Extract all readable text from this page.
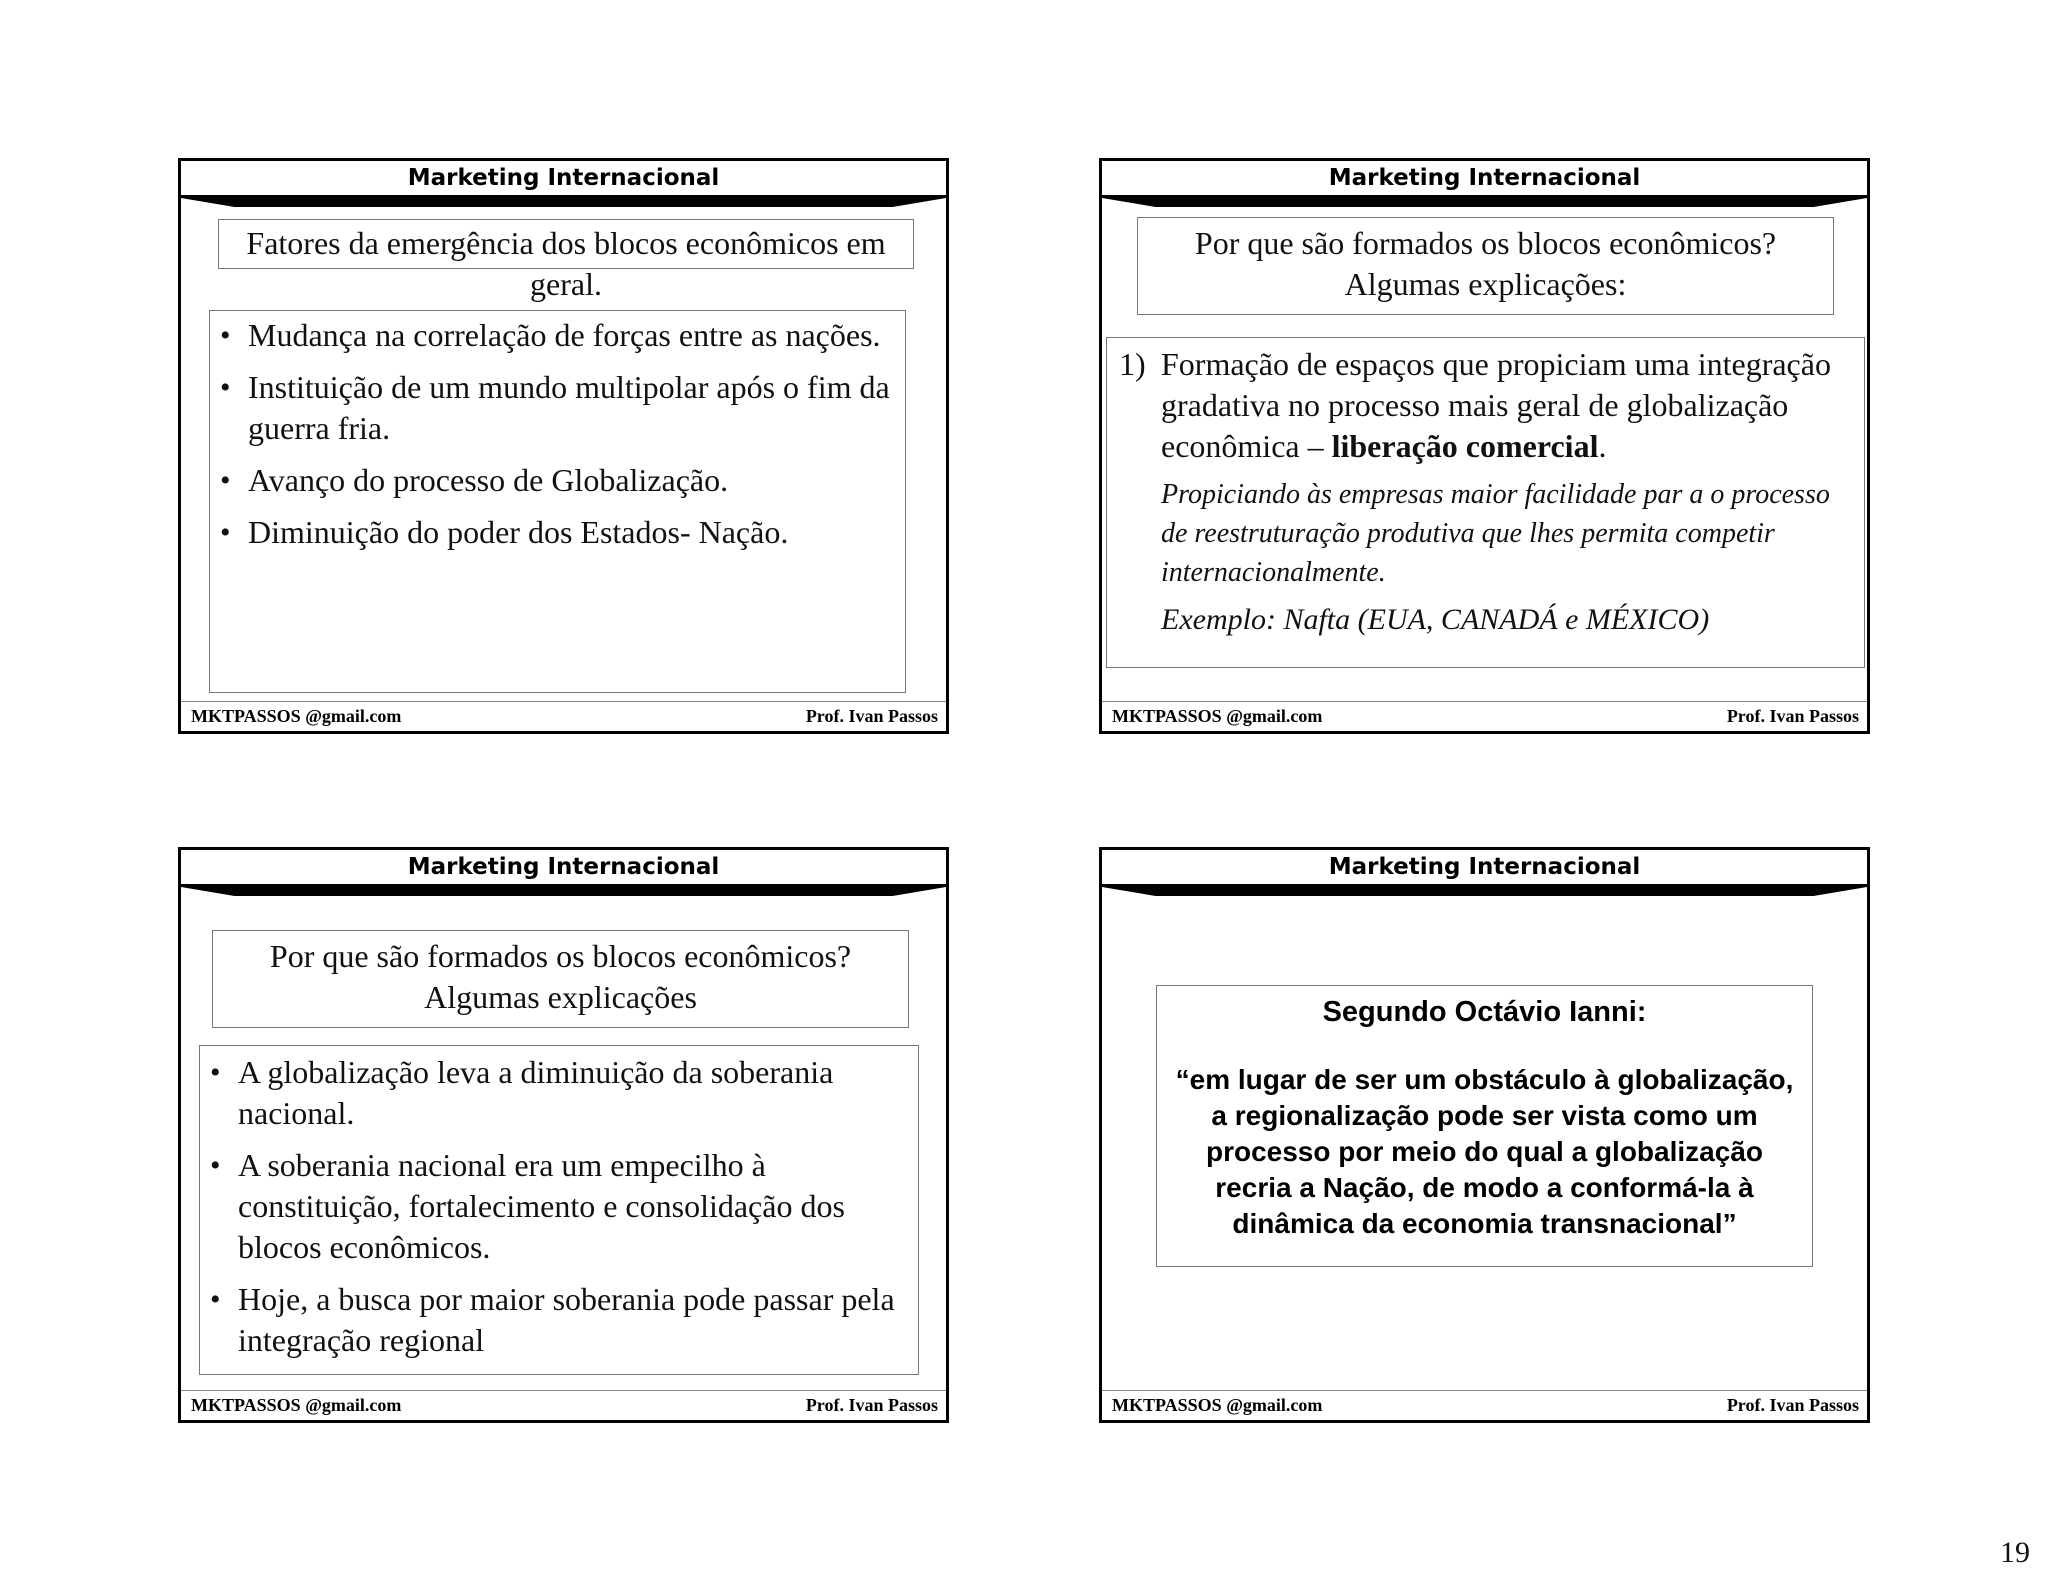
Marketing Internacional
Fatores da emergência dos blocos econômicos em geral.
• Mudança na correlação de forças entre as nações.
• Instituição de um mundo multipolar após o fim da guerra fria.
• Avanço do processo de Globalização.
• Diminuição do poder dos Estados- Nação.
MKTPASSOS @gmail.com	Prof. Ivan Passos
Marketing Internacional
Por que são formados os blocos econômicos?
Algumas explicações:
1) Formação de espaços que propiciam uma integração gradativa no processo mais geral de globalização econômica – liberação comercial.
Propiciando às empresas maior facilidade par a o processo de reestruturação produtiva que lhes permita competir internacionalmente.
Exemplo: Nafta (EUA, CANADÁ e MÉXICO)
MKTPASSOS @gmail.com	Prof. Ivan Passos
Marketing Internacional
Por que são formados os blocos econômicos?
Algumas explicações
• A globalização leva a diminuição da soberania nacional.
• A soberania nacional era um empecilho à constituição, fortalecimento e consolidação dos blocos econômicos.
• Hoje, a busca por maior soberania pode passar pela integração regional
MKTPASSOS @gmail.com	Prof. Ivan Passos
Marketing Internacional
Segundo Octávio Ianni:
“em lugar de ser um obstáculo à globalização,
a regionalização pode ser vista como um
processo por meio do qual a globalização
recria a Nação, de modo a conformá-la à
dinâmica da economia transnacional”
MKTPASSOS @gmail.com	Prof. Ivan Passos
19
